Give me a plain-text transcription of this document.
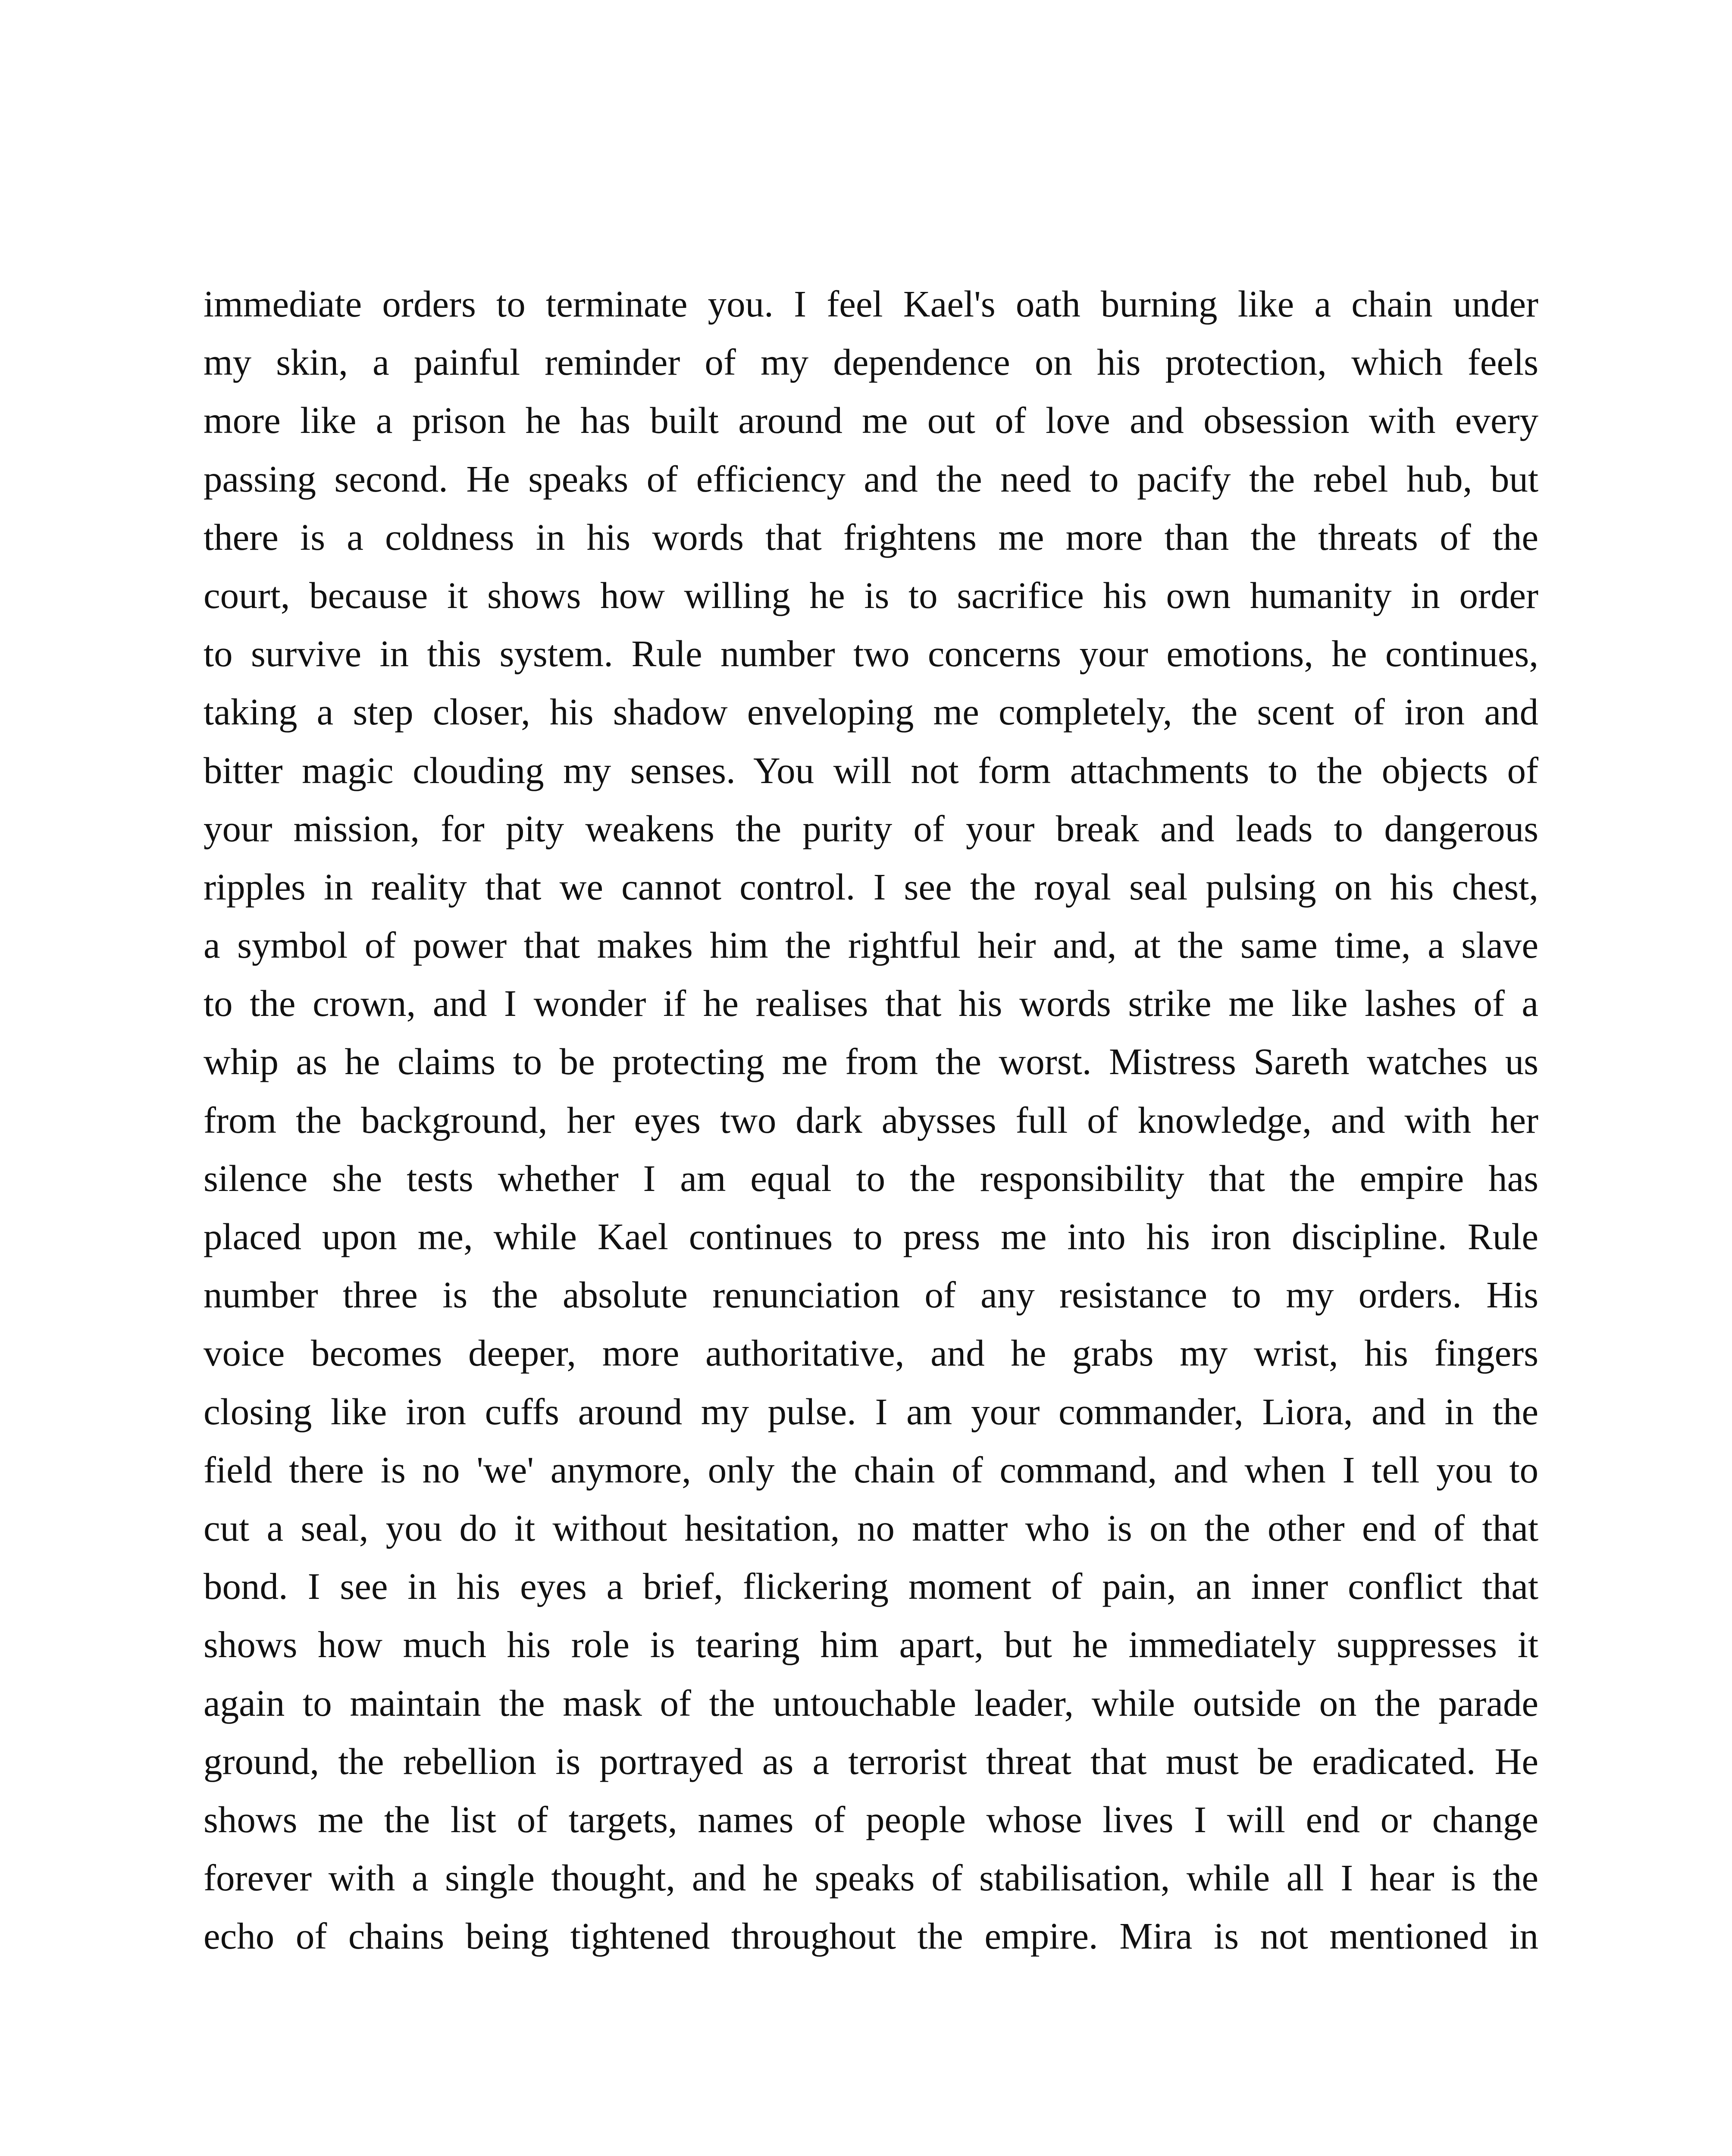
immediate orders to terminate you. I feel Kael's oath burning like a chain under
my skin, a painful reminder of my dependence on his protection, which feels
more like a prison he has built around me out of love and obsession with every
passing second. He speaks of efficiency and the need to pacify the rebel hub, but
there is a coldness in his words that frightens me more than the threats of the
court, because it shows how willing he is to sacrifice his own humanity in order
to survive in this system. Rule number two concerns your emotions, he continues,
taking a step closer, his shadow enveloping me completely, the scent of iron and
bitter magic clouding my senses. You will not form attachments to the objects of
your mission, for pity weakens the purity of your break and leads to dangerous
ripples in reality that we cannot control. I see the royal seal pulsing on his chest,
a symbol of power that makes him the rightful heir and, at the same time, a slave
to the crown, and I wonder if he realises that his words strike me like lashes of a
whip as he claims to be protecting me from the worst. Mistress Sareth watches us
from the background, her eyes two dark abysses full of knowledge, and with her
silence she tests whether I am equal to the responsibility that the empire has
placed upon me, while Kael continues to press me into his iron discipline. Rule
number three is the absolute renunciation of any resistance to my orders. His
voice becomes deeper, more authoritative, and he grabs my wrist, his fingers
closing like iron cuffs around my pulse. I am your commander, Liora, and in the
field there is no 'we' anymore, only the chain of command, and when I tell you to
cut a seal, you do it without hesitation, no matter who is on the other end of that
bond. I see in his eyes a brief, flickering moment of pain, an inner conflict that
shows how much his role is tearing him apart, but he immediately suppresses it
again to maintain the mask of the untouchable leader, while outside on the parade
ground, the rebellion is portrayed as a terrorist threat that must be eradicated. He
shows me the list of targets, names of people whose lives I will end or change
forever with a single thought, and he speaks of stabilisation, while all I hear is the
echo of chains being tightened throughout the empire. Mira is not mentioned in
